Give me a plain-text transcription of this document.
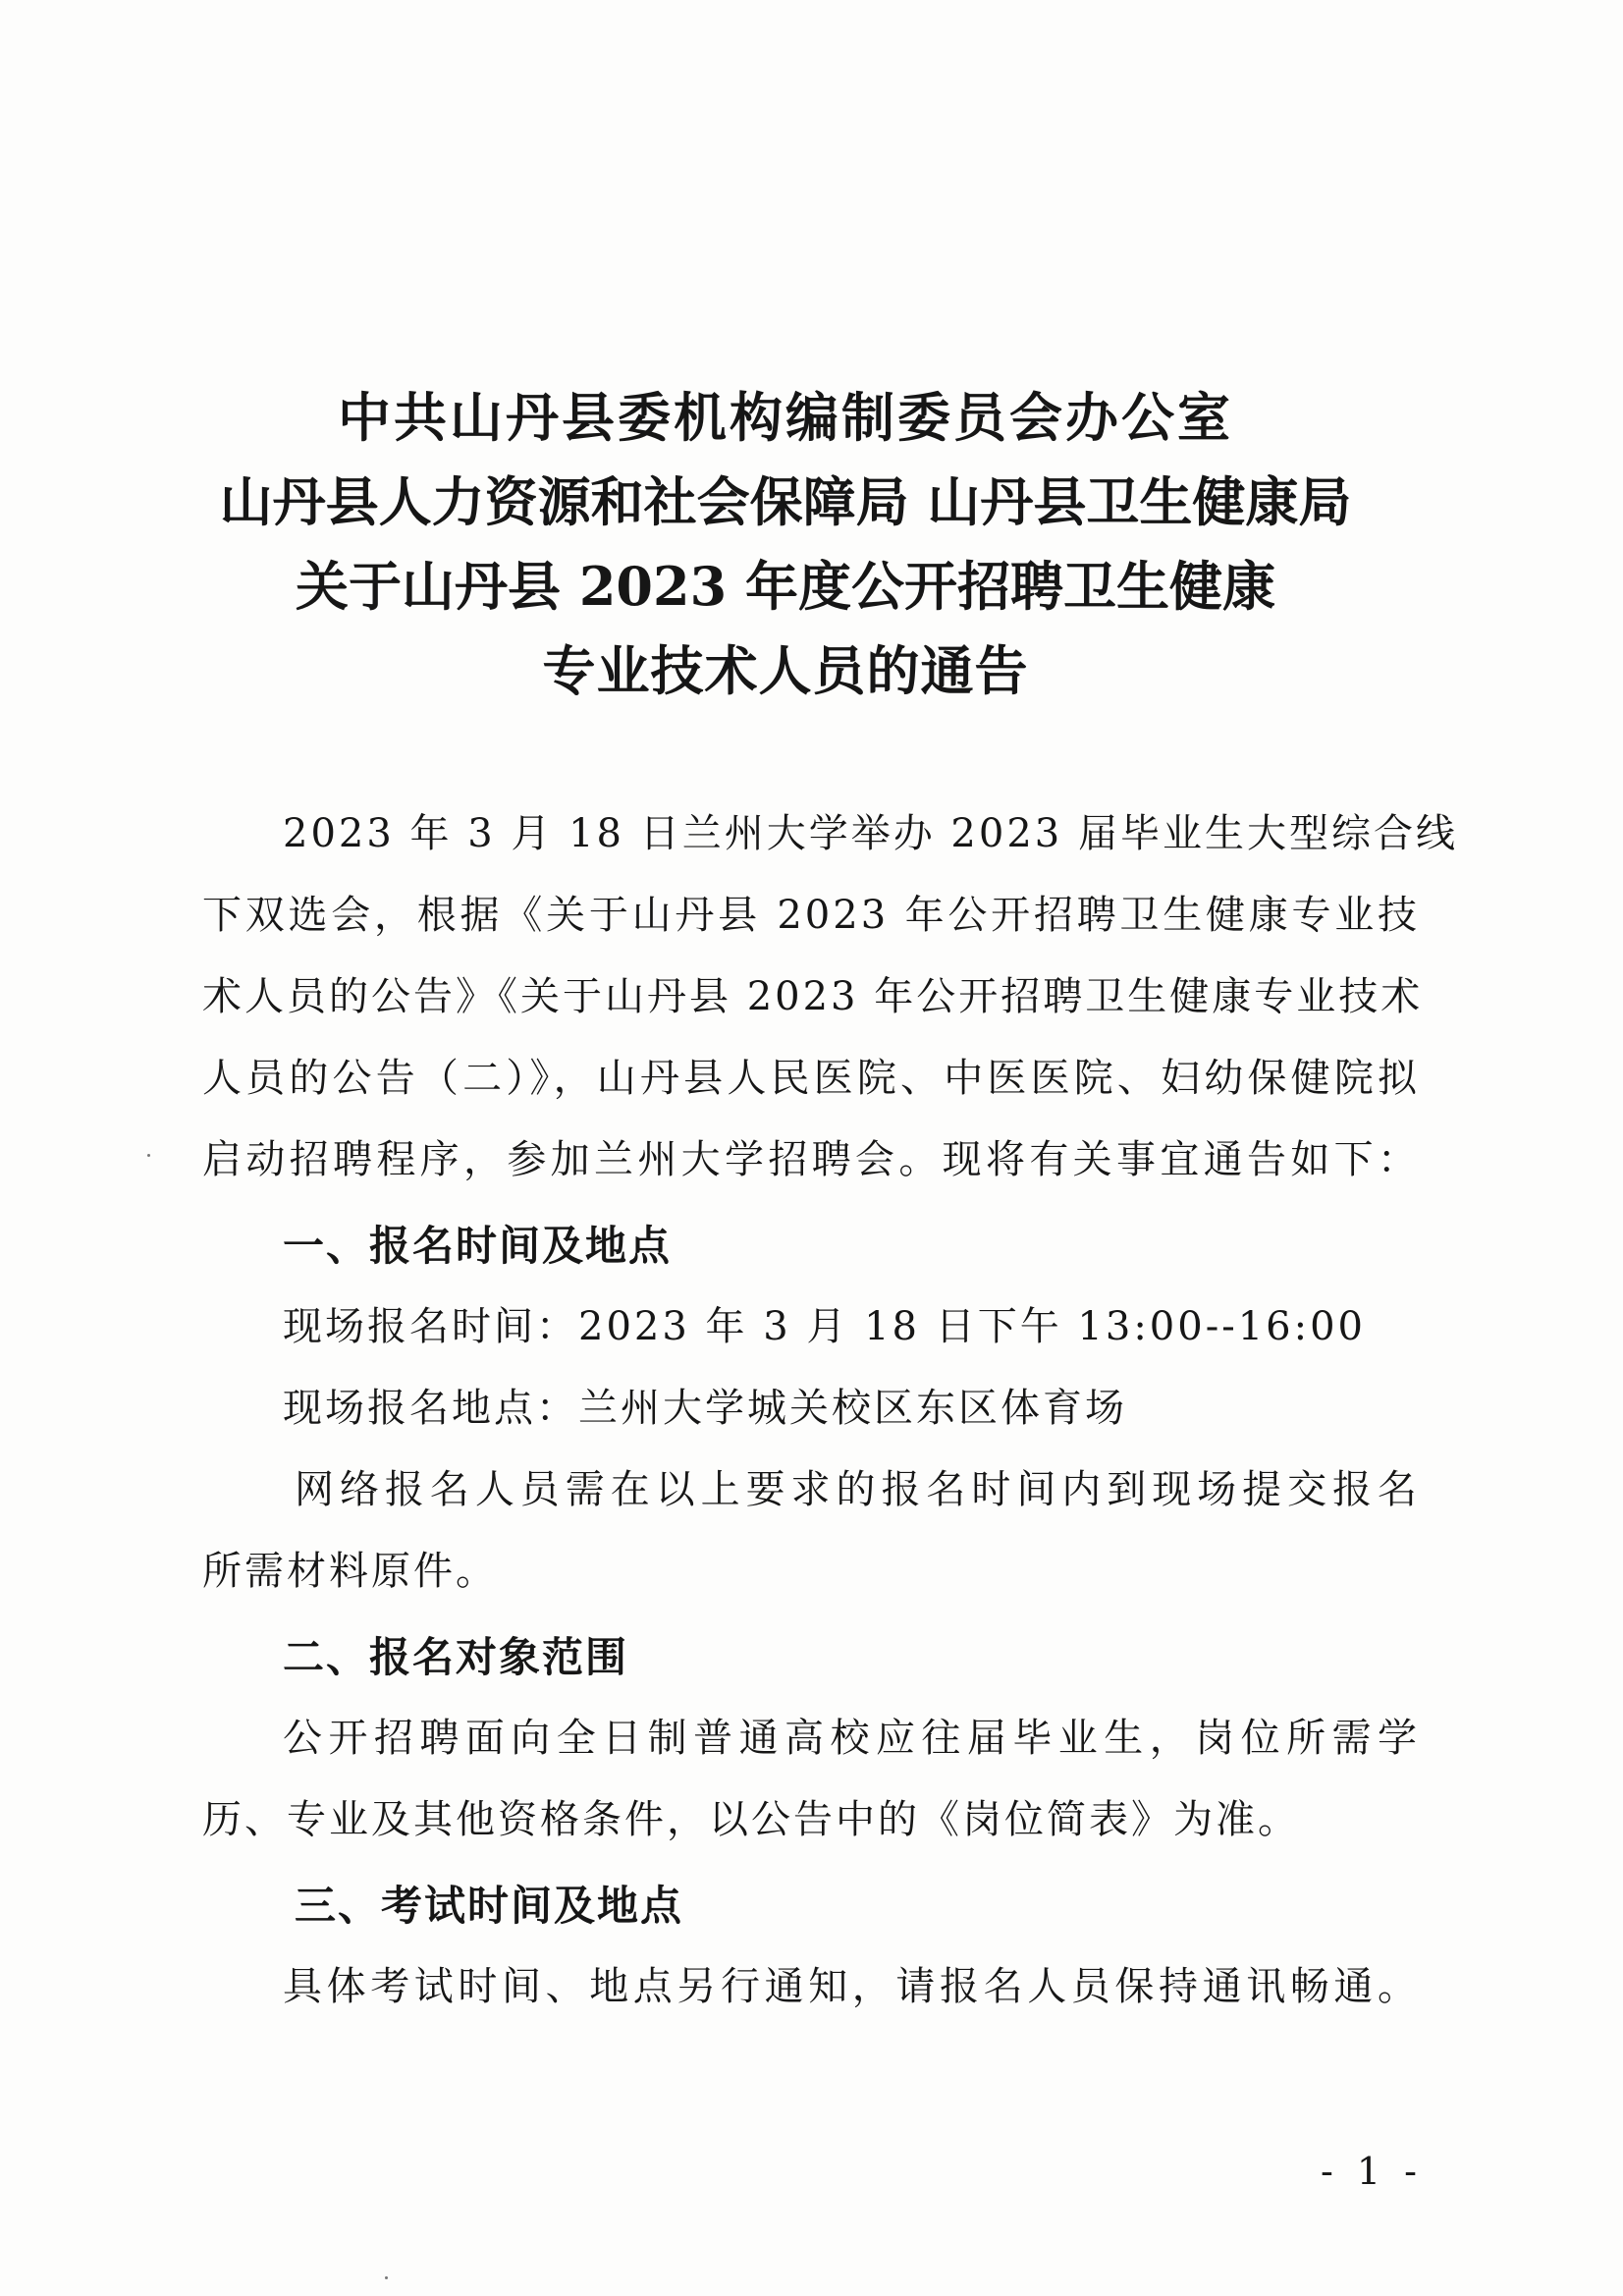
中共山丹县委机构编制委员会办公室
山丹县人力资源和社会保障局 山丹县卫生健康局
关于山丹县 2023 年度公开招聘卫生健康
专业技术人员的通告
2023 年 3 月 18 日兰州大学举办 2023 届毕业生大型综合线
下双选会，根据《关于山丹县 2023 年公开招聘卫生健康专业技
术人员的公告》《关于山丹县 2023 年公开招聘卫生健康专业技术
人员的公告（二）》，山丹县人民医院、中医医院、妇幼保健院拟
启动招聘程序，参加兰州大学招聘会。现将有关事宜通告如下：
一、报名时间及地点
现场报名时间：2023 年 3 月 18 日下午 13:00--16:00
现场报名地点：兰州大学城关校区东区体育场
网络报名人员需在以上要求的报名时间内到现场提交报名
所需材料原件。
二、报名对象范围
公开招聘面向全日制普通高校应往届毕业生，岗位所需学
历、专业及其他资格条件，以公告中的《岗位简表》为准。
三、考试时间及地点
具体考试时间、地点另行通知，请报名人员保持通讯畅通。
- 1 -
